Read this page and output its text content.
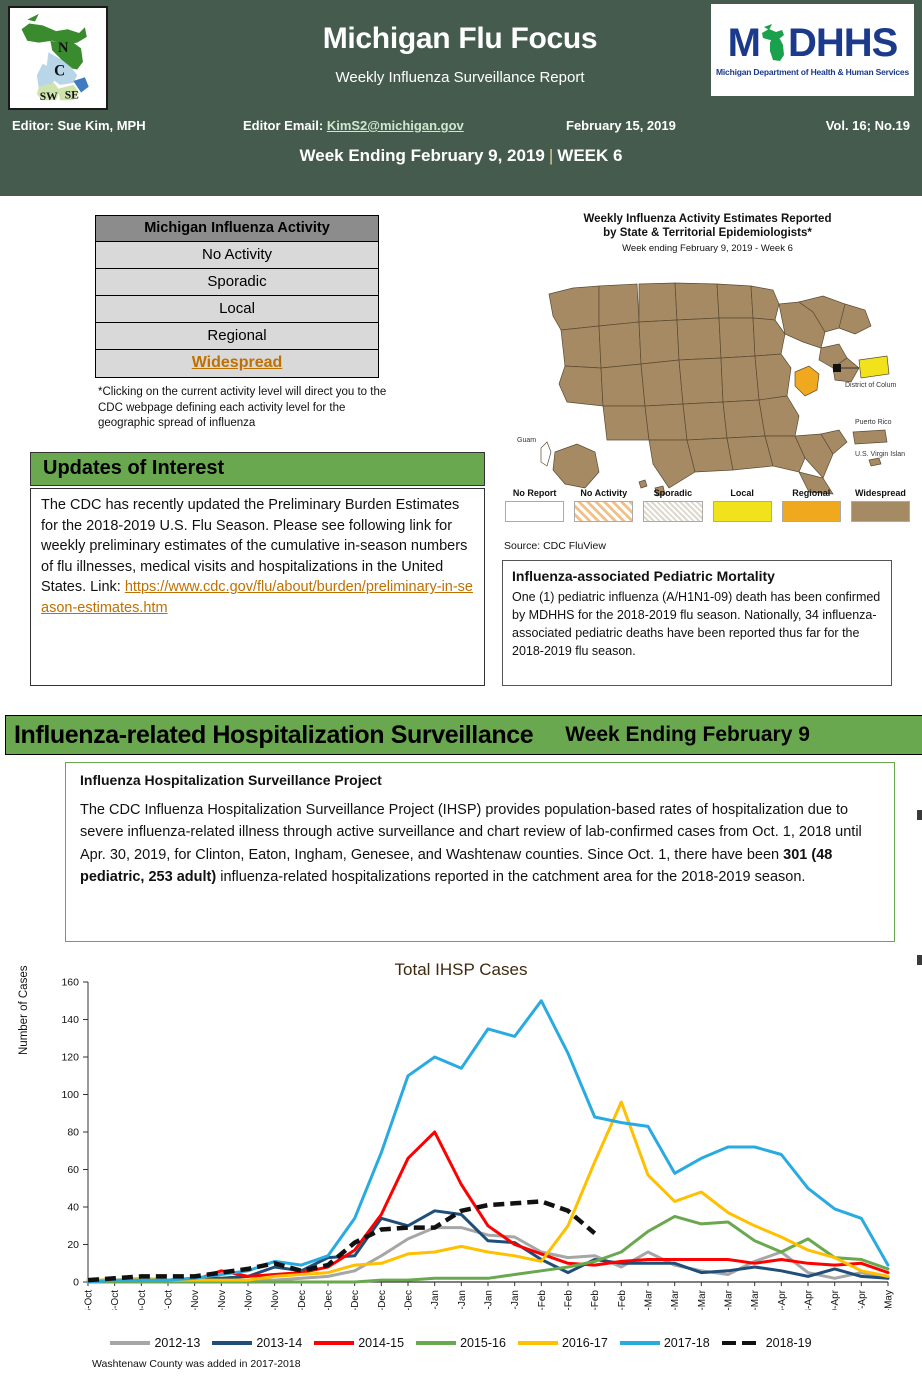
N
C
SW SE
Michigan Flu Focus
Weekly Influenza Surveillance Report
M DHHS
Michigan Department of Health & Human Services
Editor: Sue Kim, MPH	Editor Email: KimS2@michigan.gov	February 15, 2019	Vol. 16; No.19
Week Ending February 9, 2019 | WEEK 6
Michigan Influenza Activity
No Activity
Sporadic
Local
Regional
Widespread
*Clicking on the current activity level will direct you to the CDC webpage defining each activity level for the geographic spread of influenza
Updates of Interest
The CDC has recently updated the Preliminary Burden Estimates for the 2018-2019 U.S. Flu Season. Please see following link for weekly preliminary estimates of the cumulative in-season numbers of flu illnesses, medical visits and hospitalizations in the United States. Link: https://www.cdc.gov/flu/about/burden/preliminary-in-season-estimates.htm
Weekly Influenza Activity Estimates Reported
by State & Territorial Epidemiologists*
Week ending February 9, 2019 - Week 6
District of Colum
Puerto Rico
Guam
U.S. Virgin Islan
No Report	No Activity	Sporadic	Local	Regional	Widespread
Source: CDC FluView
Influenza-associated Pediatric Mortality
One (1) pediatric influenza (A/H1N1-09) death has been confirmed by MDHHS for the 2018-2019 flu season. Nationally, 34 influenza-associated pediatric deaths have been reported thus far for the 2018-2019 flu season.
Influenza-related Hospitalization Surveillance Week Ending February 9
Influenza Hospitalization Surveillance Project
The CDC Influenza Hospitalization Surveillance Project (IHSP) provides population-based rates of hospitalization due to severe influenza-related illness through active surveillance and chart review of lab-confirmed cases from Oct. 1, 2018 until Apr. 30, 2019, for Clinton, Eaton, Ingham, Genesee, and Washtenaw counties. Since Oct. 1, there have been 301 (48 pediatric, 253 adult) influenza-related hospitalizations reported in the catchment area for the 2018-2019 season.
Total IHSP Cases
0
20
40
60
80
100
120
140
160
6-Oct 13-Oct 20-Oct 27-Oct 3-Nov 10-Nov 17-Nov 24-Nov 1-Dec 8-Dec 15-Dec 22-Dec 29-Dec 5-Jan 12-Jan 19-Jan 26-Jan 2-Feb 9-Feb 16-Feb 23-Feb 2-Mar 9-Mar 16-Mar 23-Mar 30-Mar 6-Apr 13-Apr 20-Apr 27-Apr 4-May
Number of Cases
2012-13	2013-14	2014-15	2015-16	2016-17	2017-18	2018-19
Washtenaw County was added in 2017-2018
